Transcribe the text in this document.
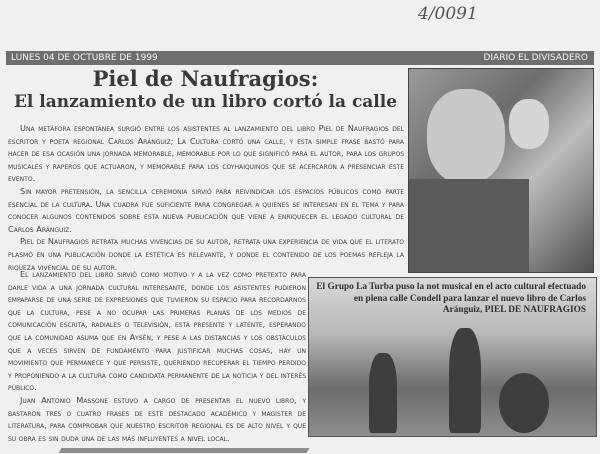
4/0091
LUNES 04 DE OCTUBRE DE 1999	DIARIO EL DIVISADERO
Piel de Naufragios:
El lanzamiento de un libro cortó la calle

Una metáfora espontánea surgió entre los asistentes al lanzamiento del libro Piel de Naufragios del escritor y poeta regional Carlos Aránguiz; La Cultura cortó una calle, y esta simple frase bastó para hacer de esa ocasión una jornada memorable, memorable por lo que significó para el autor, para los grupos musicales y raperos que actuaron, y memorable para los coyhaiquinos que se acercaron a presenciar este evento.

Sin mayor pretensión, la sencilla ceremonia sirvió para reivindicar los espacios públicos como parte esencial de la cultura. Una cuadra fue suficiente para congregar a quienes se interesan en el tema y para conocer algunos contenidos sobre esta nueva publicación que viene a enriquecer el legado cultural de Carlos Aránguiz.

Piel de Naufragios retrata muchas vivencias de su autor, retrata una experiencia de vida que el literato plasmó en una publicación donde la estética es relevante, y donde el contenido de los poemas refleja la riqueza vivencial de su autor.

El lanzamiento del libro sirvió como motivo y a la vez como pretexto para darle vida a una jornada cultural interesante, donde los asistentes pudieron empaparse de una serie de expresiones que tuvieron su espacio para recordarnos que la cultura, pese a no ocupar las primeras planas de los medios de comunicación escrita, radiales o televisión, está presente y latente, esperando que la comunidad asuma que en Aysén, y pese a las distancias y los obstáculos que a veces sirven de fundamento para justificar muchas cosas, hay un movimiento que permanece y que persiste, queriendo recuperar el tiempo perdido y proponiendo a la cultura como candidata permanente de la noticia y del interés público.

Juan Antonio Massone estuvo a cargo de presentar el nuevo libro, y bastaron tres o cuatro frases de este destacado académico y magister de literatura, para comprobar que nuestro escritor regional es de alto nivel y que su obra es sin duda una de las más influyentes a nivel local.

El Grupo La Turba puso la not musical en el acto cultural efectuado en plena calle Condell para lanzar el nuevo libro de Carlos Aránguiz, PIEL DE NAUFRAGIOS
